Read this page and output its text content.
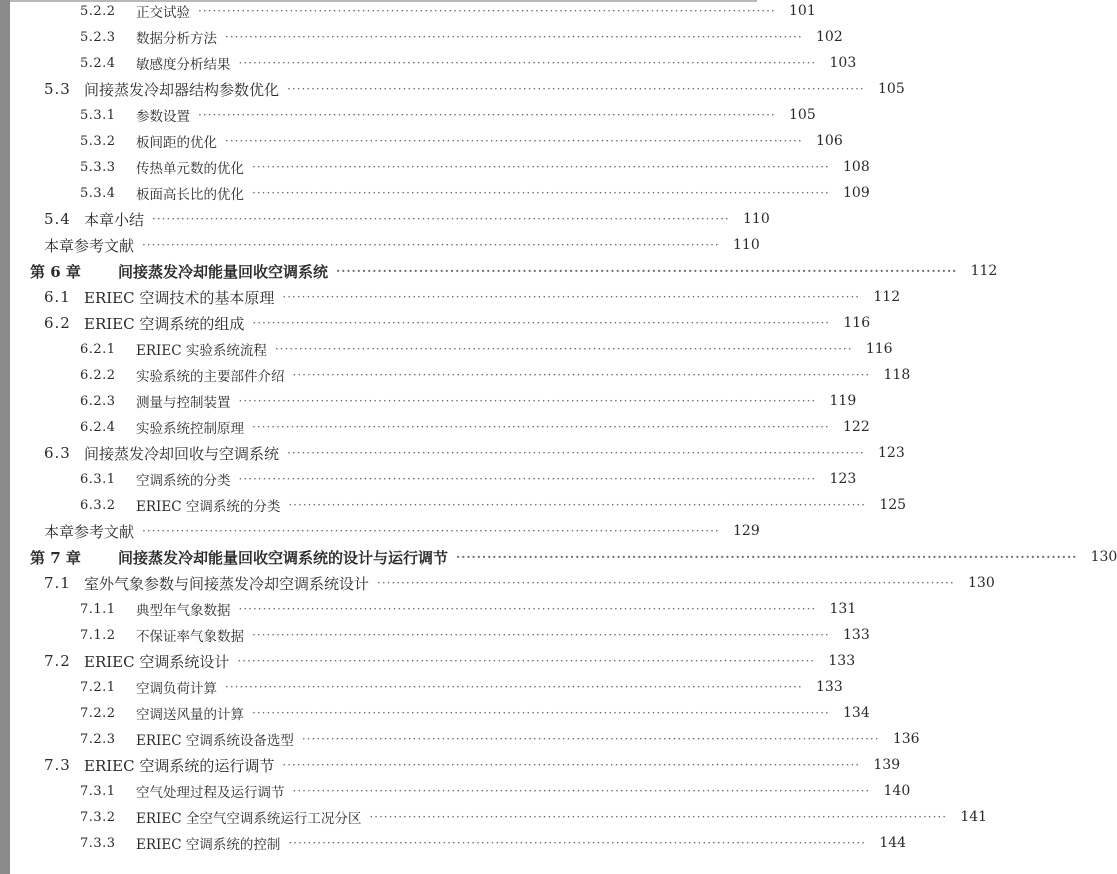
5.2.2	正交试验 ························································································································ 101
5.2.3	数据分析方法 ························································································································ 102
5.2.4	敏感度分析结果 ························································································································ 103
5.3 间接蒸发冷却器结构参数优化 ························································································································ 105
5.3.1	参数设置 ························································································································ 105
5.3.2	板间距的优化 ························································································································ 106
5.3.3	传热单元数的优化 ························································································································ 108
5.3.4	板面高长比的优化 ························································································································ 109
5.4 本章小结 ························································································································ 110
本章参考文献 ························································································································ 110
第 6 章	间接蒸发冷却能量回收空调系统 ························································································································ 112
6.1 ERIEC 空调技术的基本原理 ························································································································ 112
6.2 ERIEC 空调系统的组成 ························································································································ 116
6.2.1	ERIEC 实验系统流程 ························································································································ 116
6.2.2	实验系统的主要部件介绍 ························································································································ 118
6.2.3	测量与控制装置 ························································································································ 119
6.2.4	实验系统控制原理 ························································································································ 122
6.3 间接蒸发冷却回收与空调系统 ························································································································ 123
6.3.1	空调系统的分类 ························································································································ 123
6.3.2	ERIEC 空调系统的分类 ························································································································ 125
本章参考文献 ························································································································ 129
第 7 章	间接蒸发冷却能量回收空调系统的设计与运行调节 ························································································································ 130
7.1 室外气象参数与间接蒸发冷却空调系统设计 ························································································································ 130
7.1.1	典型年气象数据 ························································································································ 131
7.1.2	不保证率气象数据 ························································································································ 133
7.2 ERIEC 空调系统设计 ························································································································ 133
7.2.1	空调负荷计算 ························································································································ 133
7.2.2	空调送风量的计算 ························································································································ 134
7.2.3	ERIEC 空调系统设备选型 ························································································································ 136
7.3 ERIEC 空调系统的运行调节 ························································································································ 139
7.3.1	空气处理过程及运行调节 ························································································································ 140
7.3.2	ERIEC 全空气空调系统运行工况分区 ························································································································ 141
7.3.3	ERIEC 空调系统的控制 ························································································································ 144
